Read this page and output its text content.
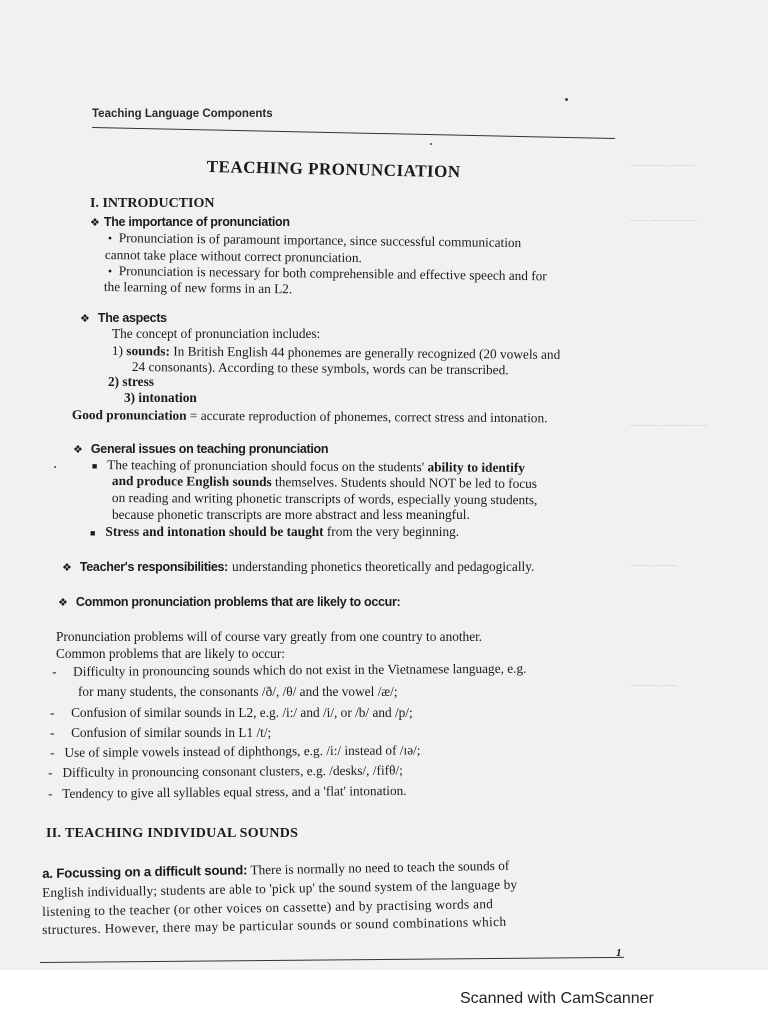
———— ———
—— ——— ——
——— ———— —
—— ———
——— ——
Teaching Language Components
TEACHING PRONUNCIATION
I. INTRODUCTION
❖ The importance of pronunciation
• Pronunciation is of paramount importance, since successful communication
cannot take place without correct pronunciation.
• Pronunciation is necessary for both comprehensible and effective speech and for
the learning of new forms in an L2.
❖ The aspects
The concept of pronunciation includes:
1) sounds: In British English 44 phonemes are generally recognized (20 vowels and
24 consonants). According to these symbols, words can be transcribed.
2) stress
3) intonation
Good pronunciation = accurate reproduction of phonemes, correct stress and intonation.
❖ General issues on teaching pronunciation
■ The teaching of pronunciation should focus on the students' ability to identify
and produce English sounds themselves. Students should NOT be led to focus
on reading and writing phonetic transcripts of words, especially young students,
because phonetic transcripts are more abstract and less meaningful.
■ Stress and intonation should be taught from the very beginning.
❖ Teacher's responsibilities: understanding phonetics theoretically and pedagogically.
❖ Common pronunciation problems that are likely to occur:
Pronunciation problems will of course vary greatly from one country to another.
Common problems that are likely to occur:
- Difficulty in pronouncing sounds which do not exist in the Vietnamese language, e.g.
for many students, the consonants /ð/, /θ/ and the vowel /æ/;
- Confusion of similar sounds in L2, e.g. /i:/ and /i/, or /b/ and /p/;
- Confusion of similar sounds in L1 /t/;
- Use of simple vowels instead of diphthongs, e.g. /i:/ instead of /ɪə/;
- Difficulty in pronouncing consonant clusters, e.g. /desks/, /fifθ/;
- Tendency to give all syllables equal stress, and a 'flat' intonation.
II. TEACHING INDIVIDUAL SOUNDS
a. Focussing on a difficult sound: There is normally no need to teach the sounds of
English individually; students are able to 'pick up' the sound system of the language by
listening to the teacher (or other voices on cassette) and by practising words and
structures. However, there may be particular sounds or sound combinations which
1
Scanned with CamScanner
